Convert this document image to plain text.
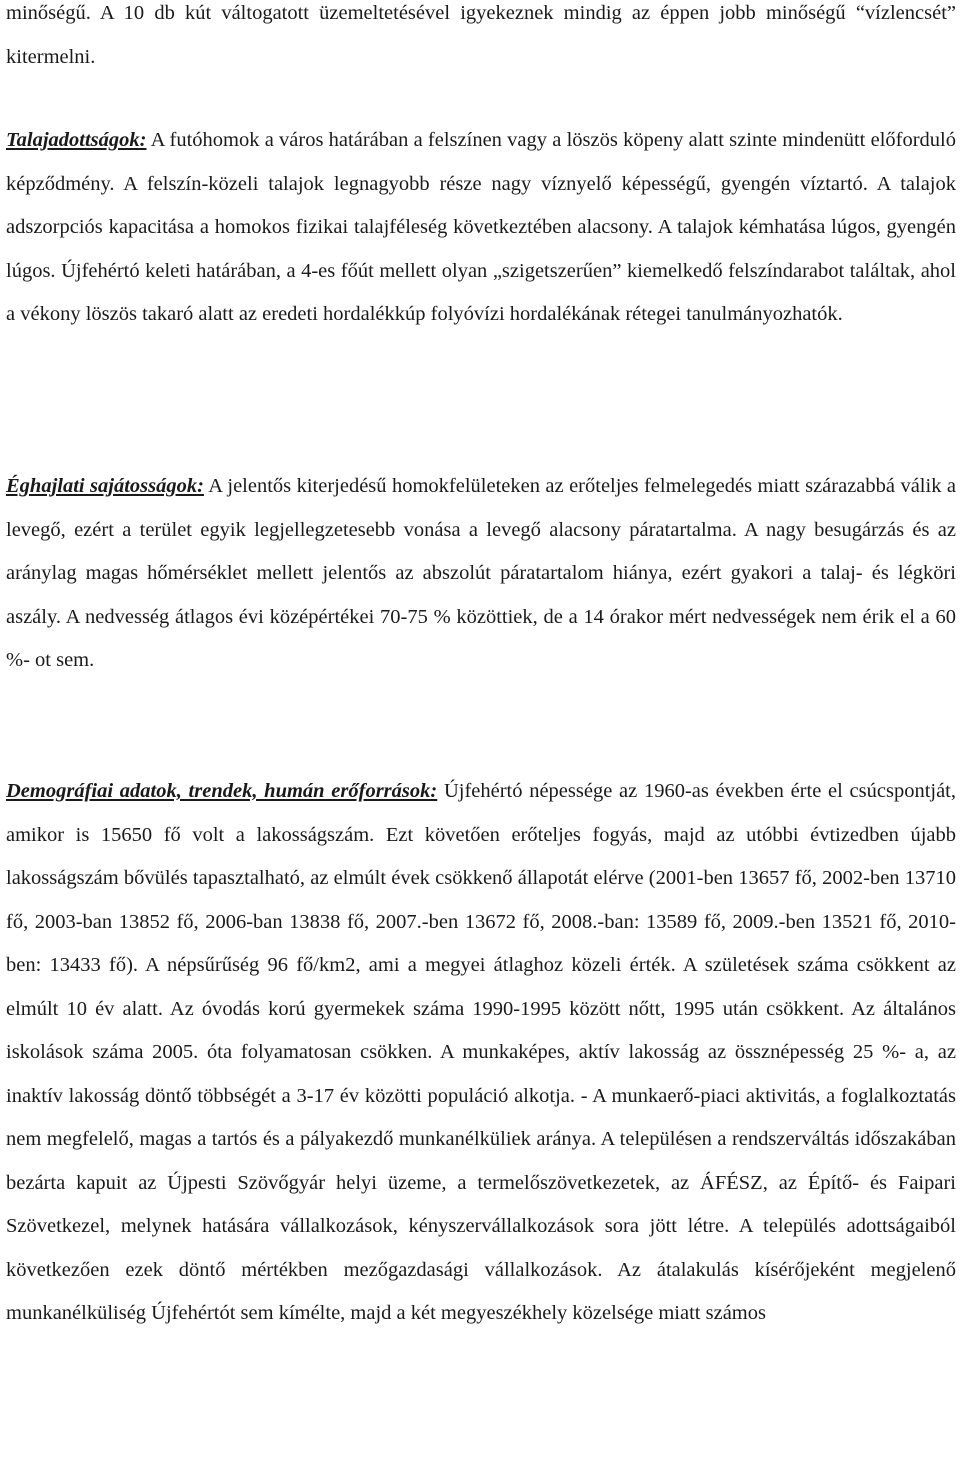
minőségű. A 10 db kút váltogatott üzemeltetésével igyekeznek mindig az éppen jobb minőségű “vízlencsét” kitermelni.

Talajadottságok: A futóhomok a város határában a felszínen vagy a löszös köpeny alatt szinte mindenütt előforduló képződmény. A felszín-közeli talajok legnagyobb része nagy víznyelő képességű, gyengén víztartó. A talajok adszorpciós kapacitása a homokos fizikai talajféleség következtében alacsony. A talajok kémhatása lúgos, gyengén lúgos. Újfehértó keleti határában, a 4-es főút mellett olyan „szigetszerűen” kiemelkedő felszíndarabot találtak, ahol a vékony löszös takaró alatt az eredeti hordalékkúp folyóvízi hordalékának rétegei tanulmányozhatók.

Éghajlati sajátosságok: A jelentős kiterjedésű homokfelületeken az erőteljes felmelegedés miatt szárazabbá válik a levegő, ezért a terület egyik legjellegzetesebb vonása a levegő alacsony páratartalma. A nagy besugárzás és az aránylag magas hőmérséklet mellett jelentős az abszolút páratartalom hiánya, ezért gyakori a talaj- és légköri aszály. A nedvesség átlagos évi középértékei 70-75 % közöttiek, de a 14 órakor mért nedvességek nem érik el a 60 %- ot sem.

Demográfiai adatok, trendek, humán erőforrások: Újfehértó népessége az 1960-as években érte el csúcspontját, amikor is 15650 fő volt a lakosságszám. Ezt követően erőteljes fogyás, majd az utóbbi évtizedben újabb lakosságszám bővülés tapasztalható, az elmúlt évek csökkenő állapotát elérve (2001-ben 13657 fő, 2002-ben 13710 fő, 2003-ban 13852 fő, 2006-ban 13838 fő, 2007.-ben 13672 fő, 2008.-ban: 13589 fő, 2009.-ben 13521 fő, 2010-ben: 13433 fő). A népsűrűség 96 fő/km2, ami a megyei átlaghoz közeli érték. A születések száma csökkent az elmúlt 10 év alatt. Az óvodás korú gyermekek száma 1990-1995 között nőtt, 1995 után csökkent. Az általános iskolások száma 2005. óta folyamatosan csökken. A munkaképes, aktív lakosság az össznépesség 25 %- a, az inaktív lakosság döntő többségét a 3-17 év közötti populáció alkotja. - A munkaerő-piaci aktivitás, a foglalkoztatás nem megfelelő, magas a tartós és a pályakezdő munkanélküliek aránya. A településen a rendszerváltás időszakában bezárta kapuit az Újpesti Szövőgyár helyi üzeme, a termelőszövetkezetek, az ÁFÉSZ, az Építő- és Faipari Szövetkezel, melynek hatására vállalkozások, kényszervállalkozások sora jött létre. A település adottságaiból következően ezek döntő mértékben mezőgazdasági vállalkozások. Az átalakulás kísérőjeként megjelenő munkanélküliség Újfehértót sem kímélte, majd a két megyeszékhely közelsége miatt számos
